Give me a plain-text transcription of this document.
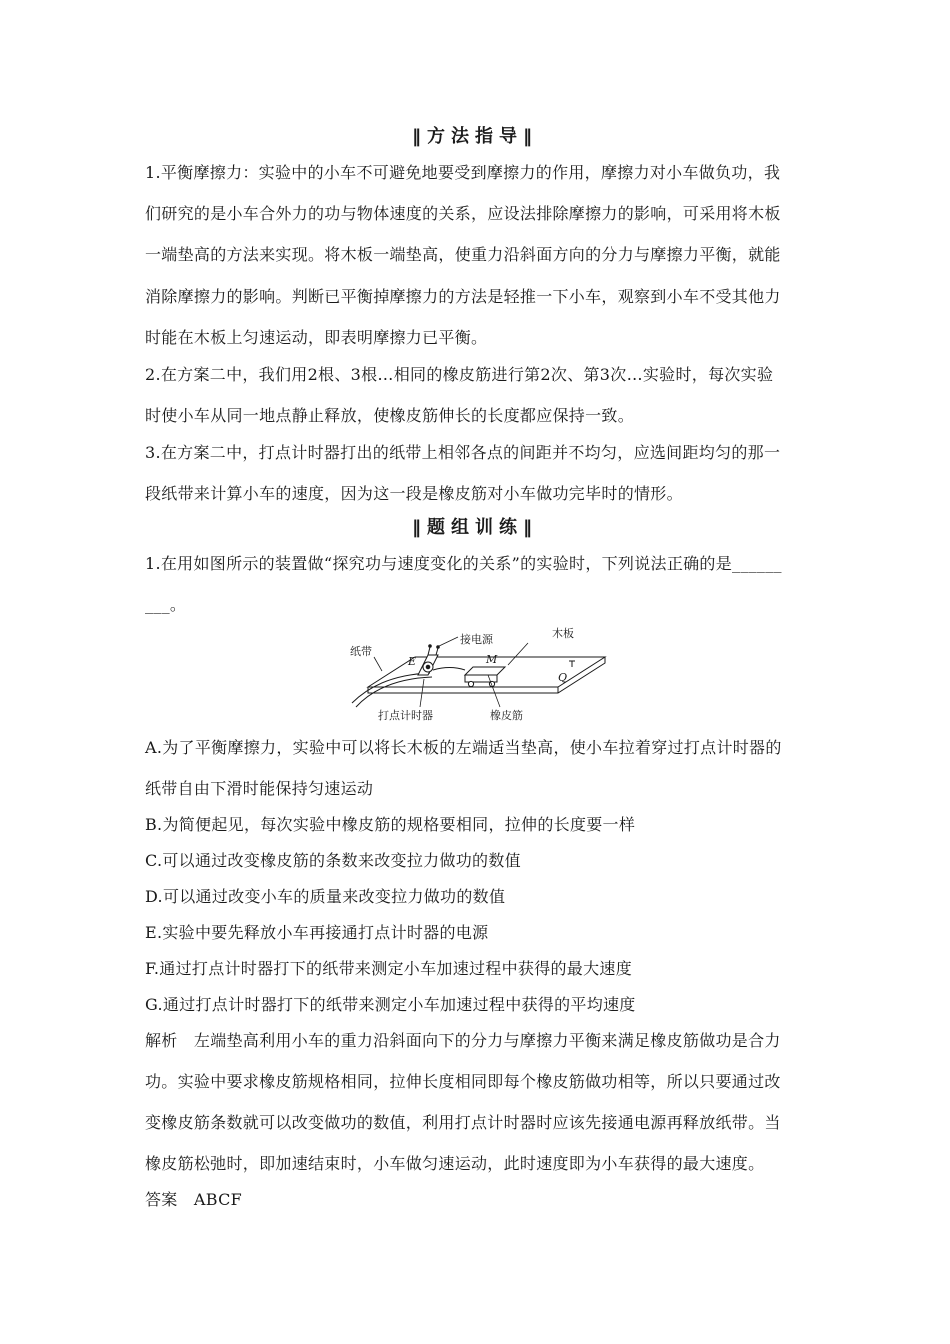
‖方法指导‖
1.平衡摩擦力：实验中的小车不可避免地要受到摩擦力的作用，摩擦力对小车做负功，我
们研究的是小车合外力的功与物体速度的关系，应设法排除摩擦力的影响，可采用将木板
一端垫高的方法来实现。将木板一端垫高，使重力沿斜面方向的分力与摩擦力平衡，就能
消除摩擦力的影响。判断已平衡掉摩擦力的方法是轻推一下小车，观察到小车不受其他力
时能在木板上匀速运动，即表明摩擦力已平衡。
2.在方案二中，我们用2根、3根…相同的橡皮筋进行第2次、第3次…实验时，每次实验
时使小车从同一地点静止释放，使橡皮筋伸长的长度都应保持一致。
3.在方案二中，打点计时器打出的纸带上相邻各点的间距并不均匀，应选间距均匀的那一
段纸带来计算小车的速度，因为这一段是橡皮筋对小车做功完毕时的情形。
‖题组训练‖
1.在用如图所示的装置做“探究功与速度变化的关系”的实验时，下列说法正确的是______
___。
纸带
接电源	木板
打点计时器	橡皮筋
E	M
Q
A.为了平衡摩擦力，实验中可以将长木板的左端适当垫高，使小车拉着穿过打点计时器的
纸带自由下滑时能保持匀速运动
B.为简便起见，每次实验中橡皮筋的规格要相同，拉伸的长度要一样
C.可以通过改变橡皮筋的条数来改变拉力做功的数值
D.可以通过改变小车的质量来改变拉力做功的数值
E.实验中要先释放小车再接通打点计时器的电源
F.通过打点计时器打下的纸带来测定小车加速过程中获得的最大速度
G.通过打点计时器打下的纸带来测定小车加速过程中获得的平均速度
解析　左端垫高利用小车的重力沿斜面向下的分力与摩擦力平衡来满足橡皮筋做功是合力
功。实验中要求橡皮筋规格相同，拉伸长度相同即每个橡皮筋做功相等，所以只要通过改
变橡皮筋条数就可以改变做功的数值，利用打点计时器时应该先接通电源再释放纸带。当
橡皮筋松弛时，即加速结束时，小车做匀速运动，此时速度即为小车获得的最大速度。
答案　ABCF
